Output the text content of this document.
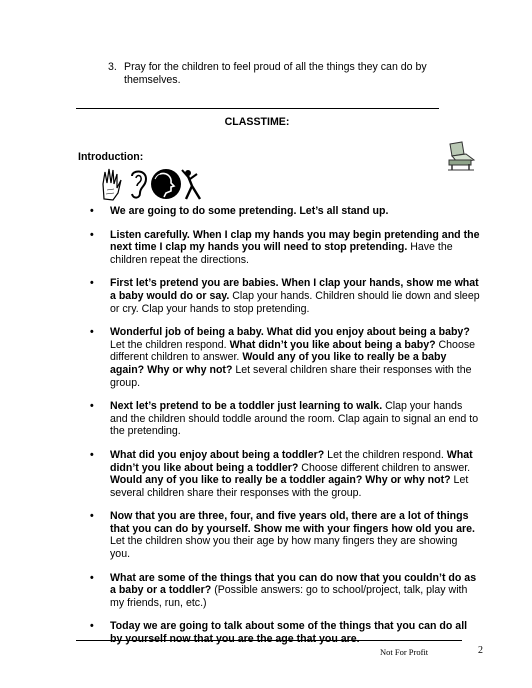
3. Pray for the children to feel proud of all the things they can do by themselves.
CLASSTIME:
Introduction:
• We are going to do some pretending. Let’s all stand up.
• Listen carefully. When I clap my hands you may begin pretending and the next time I clap my hands you will need to stop pretending. Have the children repeat the directions.
• First let’s pretend you are babies. When I clap your hands, show me what a baby would do or say. Clap your hands. Children should lie down and sleep or cry. Clap your hands to stop pretending.
• Wonderful job of being a baby. What did you enjoy about being a baby? Let the children respond. What didn’t you like about being a baby? Choose different children to answer. Would any of you like to really be a baby again? Why or why not? Let several children share their responses with the group.
• Next let’s pretend to be a toddler just learning to walk. Clap your hands and the children should toddle around the room. Clap again to signal an end to the pretending.
• What did you enjoy about being a toddler? Let the children respond. What didn’t you like about being a toddler? Choose different children to answer. Would any of you like to really be a toddler again? Why or why not? Let several children share their responses with the group.
• Now that you are three, four, and five years old, there are a lot of things that you can do by yourself. Show me with your fingers how old you are. Let the children show you their age by how many fingers they are showing you.
• What are some of the things that you can do now that you couldn’t do as a baby or a toddler? (Possible answers: go to school/project, talk, play with my friends, run, etc.)
• Today we are going to talk about some of the things that you can do all
Not For Profit	2
